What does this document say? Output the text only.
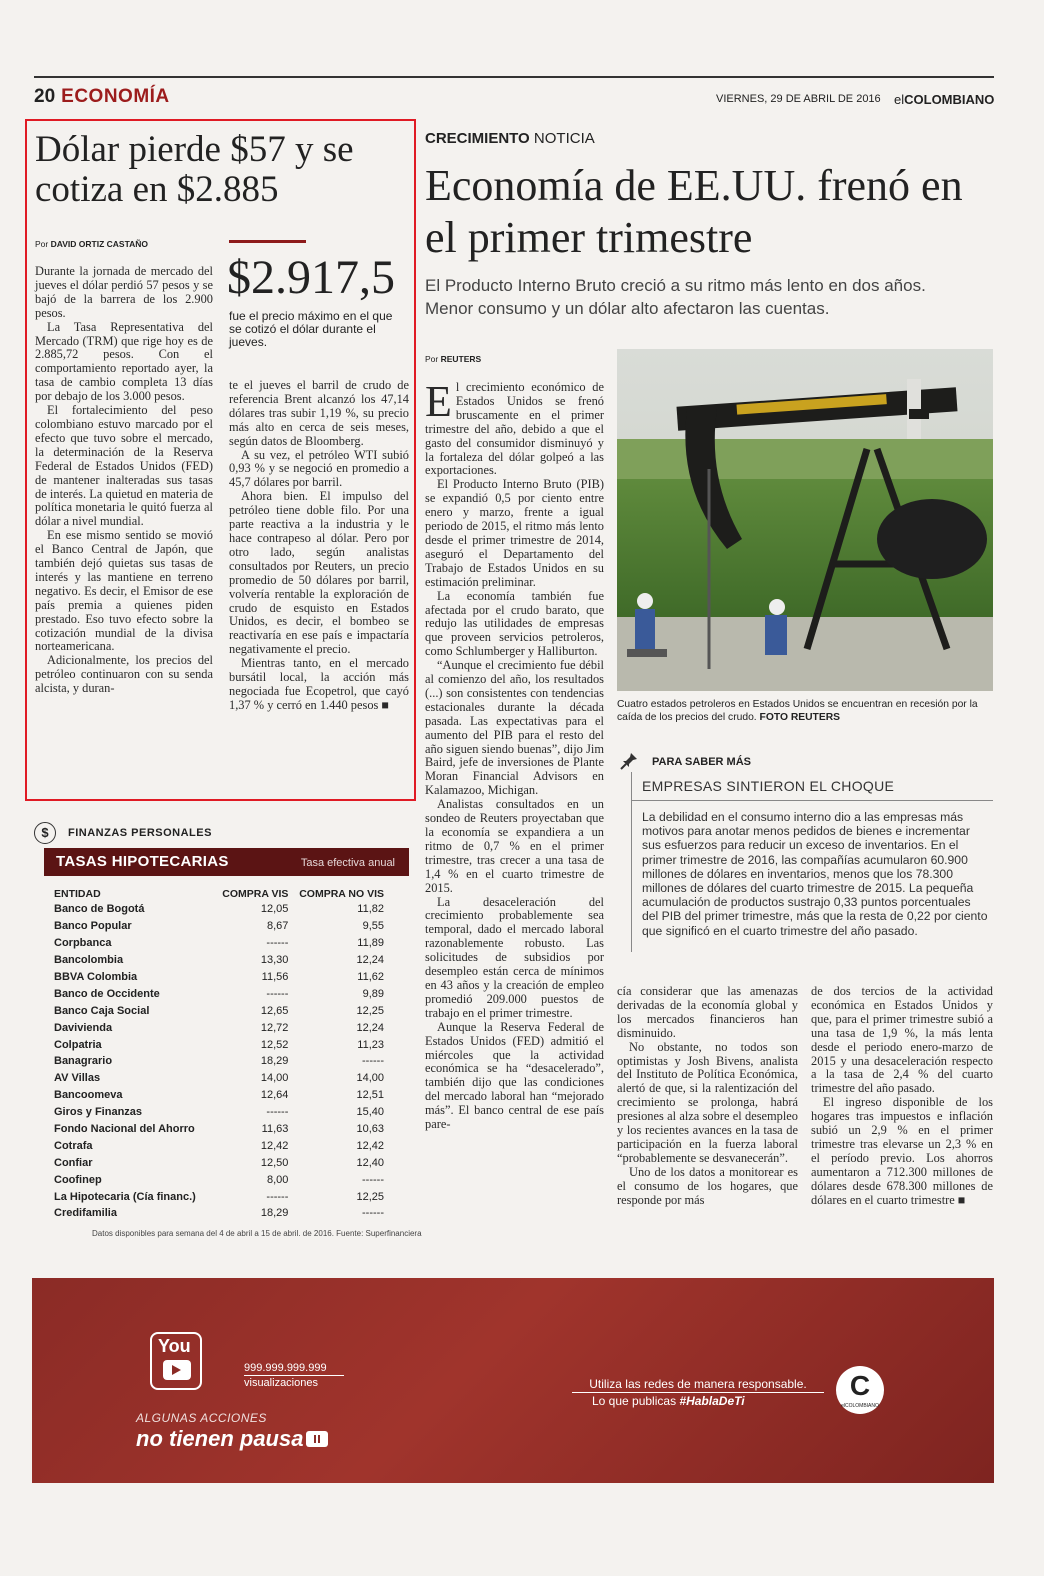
20 ECONOMÍA	VIERNES, 29 DE ABRIL DE 2016 elCOLOMBIANO
Dólar pierde $57 y se cotiza en $2.885
Por DAVID ORTIZ CASTAÑO

Durante la jornada de mercado del jueves el dólar perdió 57 pesos y se bajó de la barrera de los 2.900 pesos.

La Tasa Representativa del Mercado (TRM) que rige hoy es de 2.885,72 pesos. Con el comportamiento reportado ayer, la tasa de cambio completa 13 días por debajo de los 3.000 pesos.

El fortalecimiento del peso colombiano estuvo marcado por el efecto que tuvo sobre el mercado, la determinación de la Reserva Federal de Estados Unidos (FED) de mantener inalteradas sus tasas de interés. La quietud en materia de política monetaria le quitó fuerza al dólar a nivel mundial.

En ese mismo sentido se movió el Banco Central de Japón, que también dejó quietas sus tasas de interés y las mantiene en terreno negativo. Es decir, el Emisor de ese país premia a quienes piden prestado. Eso tuvo efecto sobre la cotización mundial de la divisa norteamericana.

Adicionalmente, los precios del petróleo continuaron con su senda alcista, y duran-

$2.917,5
fue el precio máximo en el que se cotizó el dólar durante el jueves.

te el jueves el barril de crudo de referencia Brent alcanzó los 47,14 dólares tras subir 1,19 %, su precio más alto en cerca de seis meses, según datos de Bloomberg.

A su vez, el petróleo WTI subió 0,93 % y se negoció en promedio a 45,7 dólares por barril.

Ahora bien. El impulso del petróleo tiene doble filo. Por una parte reactiva a la industria y le hace contrapeso al dólar. Pero por otro lado, según analistas consultados por Reuters, un precio promedio de 50 dólares por barril, volvería rentable la exploración de crudo de esquisto en Estados Unidos, es decir, el bombeo se reactivaría en ese país e impactaría negativamente el precio.

Mientras tanto, en el mercado bursátil local, la acción más negociada fue Ecopetrol, que cayó 1,37 % y cerró en 1.440 pesos ■

$	FINANZAS PERSONALES
TASAS HIPOTECARIAS	Tasa efectiva anual
ENTIDAD	COMPRA VIS	COMPRA NO VIS
Banco de Bogotá	12,05	11,82
Banco Popular	8,67	9,55
Corpbanca	------	11,89
Bancolombia	13,30	12,24
BBVA Colombia	11,56	11,62
Banco de Occidente	------	9,89
Banco Caja Social	12,65	12,25
Davivienda	12,72	12,24
Colpatria	12,52	11,23
Banagrario	18,29	------
AV Villas	14,00	14,00
Bancoomeva	12,64	12,51
Giros y Finanzas	------	15,40
Fondo Nacional del Ahorro	11,63	10,63
Cotrafa	12,42	12,42
Confiar	12,50	12,40
Coofinep	8,00	------
La Hipotecaria (Cía financ.)	------	12,25
Credifamilia	18,29	------
Datos disponibles para semana del 4 de abril a 15 de abril. de 2016. Fuente: Superfinanciera
CRECIMIENTO NOTICIA
Economía de EE.UU. frenó en el primer trimestre
El Producto Interno Bruto creció a su ritmo más lento en dos años. Menor consumo y un dólar alto afectaron las cuentas.
Por REUTERS

El crecimiento económico de Estados Unidos se frenó bruscamente en el primer trimestre del año, debido a que el gasto del consumidor disminuyó y la fortaleza del dólar golpeó a las exportaciones.

El Producto Interno Bruto (PIB) se expandió 0,5 por ciento entre enero y marzo, frente a igual periodo de 2015, el ritmo más lento desde el primer trimestre de 2014, aseguró el Departamento del Trabajo de Estados Unidos en su estimación preliminar.

La economía también fue afectada por el crudo barato, que redujo las utilidades de empresas que proveen servicios petroleros, como Schlumberger y Halliburton.

“Aunque el crecimiento fue débil al comienzo del año, los resultados (...) son consistentes con tendencias estacionales durante la década pasada. Las expectativas para el aumento del PIB para el resto del año siguen siendo buenas”, dijo Jim Baird, jefe de inversiones de Plante Moran Financial Advisors en Kalamazoo, Michigan.

Analistas consultados en un sondeo de Reuters proyectaban que la economía se expandiera a un ritmo de 0,7 % en el primer trimestre, tras crecer a una tasa de 1,4 % en el cuarto trimestre de 2015.

La desaceleración del crecimiento probablemente sea temporal, dado el mercado laboral razonablemente robusto. Las solicitudes de subsidios por desempleo están cerca de mínimos en 43 años y la creación de empleo promedió 209.000 puestos de trabajo en el primer trimestre.

Aunque la Reserva Federal de Estados Unidos (FED) admitió el miércoles que la actividad económica se ha “desacelerado”, también dijo que las condiciones del mercado laboral han “mejorado más”. El banco central de ese país pare-

Cuatro estados petroleros en Estados Unidos se encuentran en recesión por la caída de los precios del crudo. FOTO REUTERS
PARA SABER MÁS
EMPRESAS SINTIERON EL CHOQUE
La debilidad en el consumo interno dio a las empresas más motivos para anotar menos pedidos de bienes e incrementar sus esfuerzos para reducir un exceso de inventarios. En el primer trimestre de 2016, las compañías acumularon 60.900 millones de dólares en inventarios, menos que los 78.300 millones de dólares del cuarto trimestre de 2015. La pequeña acumulación de productos sustrajo 0,33 puntos porcentuales del PIB del primer trimestre, más que la resta de 0,22 por ciento que significó en el cuarto trimestre del año pasado.

cía considerar que las amenazas derivadas de la economía global y los mercados financieros han disminuido.

No obstante, no todos son optimistas y Josh Bivens, analista del Instituto de Política Económica, alertó de que, si la ralentización del crecimiento se prolonga, habrá presiones al alza sobre el desempleo y los recientes avances en la tasa de participación en la fuerza laboral “probablemente se desvanecerán”.

Uno de los datos a monitorear es el consumo de los hogares, que responde por más

de dos tercios de la actividad económica en Estados Unidos y que, para el primer trimestre subió a una tasa de 1,9 %, la más lenta desde el periodo enero-marzo de 2015 y una desaceleración respecto a la tasa de 2,4 % del cuarto trimestre del año pasado.

El ingreso disponible de los hogares tras impuestos e inflación subió un 2,9 % en el primer trimestre tras elevarse un 2,3 % en el período previo. Los ahorros aumentaron a 712.300 millones de dólares desde 678.300 millones de dólares en el cuarto trimestre ■

You
999.999.999.999
visualizaciones
ALGUNAS ACCIONES
no tienen pausa
Utiliza las redes de manera responsable.
Lo que publicas #HablaDeTi	C
elCOLOMBIANO
